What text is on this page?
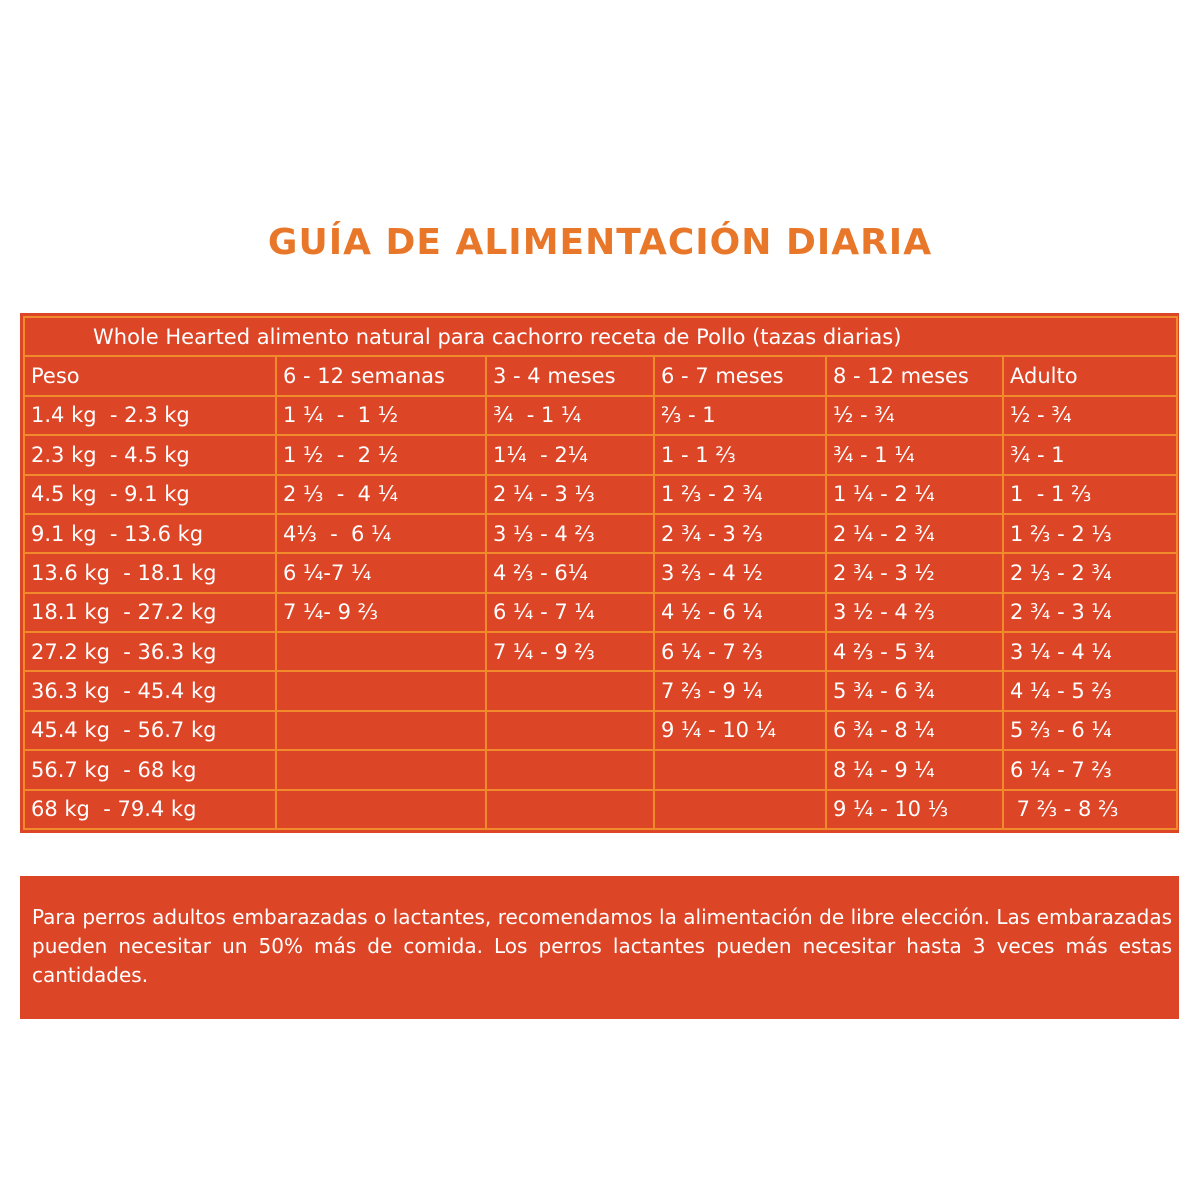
GUÍA DE ALIMENTACIÓN DIARIA
Whole Hearted alimento natural para cachorro receta de Pollo (tazas diarias)					
Peso	6 - 12 semanas	3 - 4 meses	6 - 7 meses	8 - 12 meses	Adulto
1.4 kg  - 2.3 kg	1 ¼  -  1 ½	¾  - 1 ¼	⅔ - 1	½ - ¾	½ - ¾
2.3 kg  - 4.5 kg	1 ½  -  2 ½	1¼  - 2¼	1 - 1 ⅔	¾ - 1 ¼	¾ - 1
4.5 kg  - 9.1 kg	2 ⅓  -  4 ¼	2 ¼ - 3 ⅓	1 ⅔ - 2 ¾	1 ¼ - 2 ¼	1  - 1 ⅔
9.1 kg  - 13.6 kg	4⅓  -  6 ¼	3 ⅓ - 4 ⅔	2 ¾ - 3 ⅔	2 ¼ - 2 ¾	1 ⅔ - 2 ⅓
13.6 kg  - 18.1 kg	6 ¼-7 ¼	4 ⅔ - 6¼	3 ⅔ - 4 ½	2 ¾ - 3 ½	2 ⅓ - 2 ¾
18.1 kg  - 27.2 kg	7 ¼- 9 ⅔	6 ¼ - 7 ¼	4 ½ - 6 ¼	3 ½ - 4 ⅔	2 ¾ - 3 ¼
27.2 kg  - 36.3 kg		7 ¼ - 9 ⅔	6 ¼ - 7 ⅔	4 ⅔ - 5 ¾	3 ¼ - 4 ¼
36.3 kg  - 45.4 kg			7 ⅔ - 9 ¼	5 ¾ - 6 ¾	4 ¼ - 5 ⅔
45.4 kg  - 56.7 kg			9 ¼ - 10 ¼	6 ¾ - 8 ¼	5 ⅔ - 6 ¼
56.7 kg  - 68 kg				8 ¼ - 9 ¼	6 ¼ - 7 ⅔
68 kg  - 79.4 kg				9 ¼ - 10 ⅓	7 ⅔ - 8 ⅔

Para perros adultos embarazadas o lactantes, recomendamos la alimentación de libre elección. Las embarazadas pueden necesitar un 50% más de comida. Los perros lactantes pueden necesitar hasta 3 veces más estas cantidades.
